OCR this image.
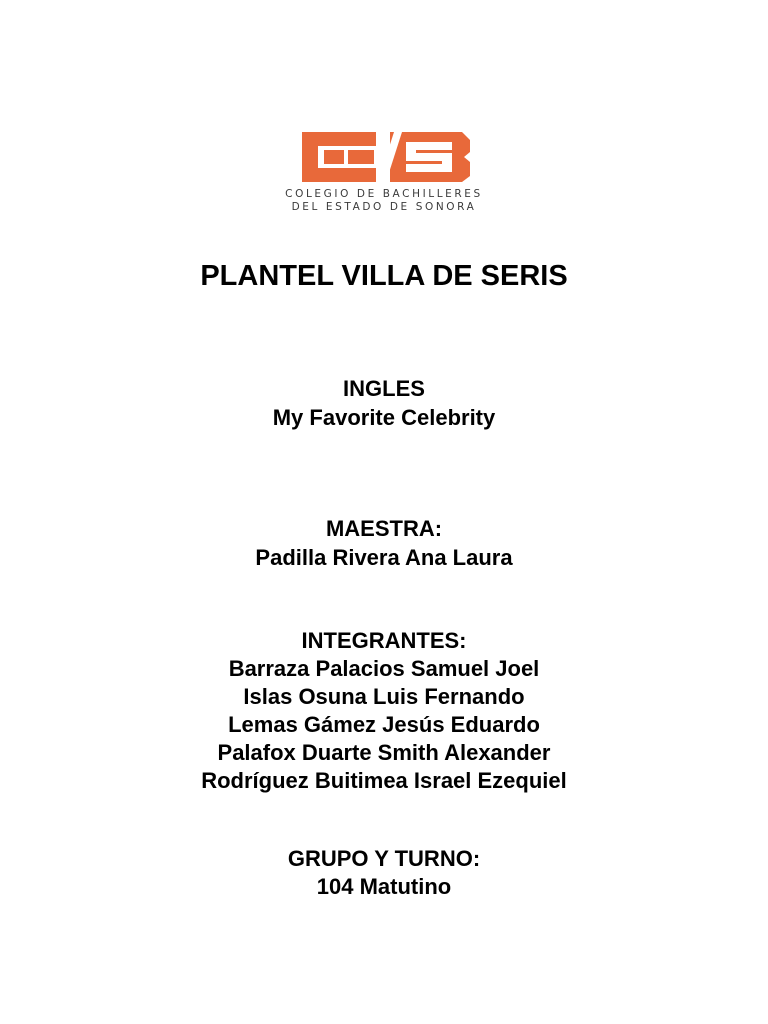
COLEGIO DE BACHILLERES
DEL ESTADO DE SONORA
PLANTEL VILLA DE SERIS
INGLES
My Favorite Celebrity
MAESTRA:
Padilla Rivera Ana Laura
INTEGRANTES:
Barraza Palacios Samuel Joel
Islas Osuna Luis Fernando
Lemas Gámez Jesús Eduardo
Palafox Duarte Smith Alexander
Rodríguez Buitimea Israel Ezequiel
GRUPO Y TURNO:
104 Matutino
